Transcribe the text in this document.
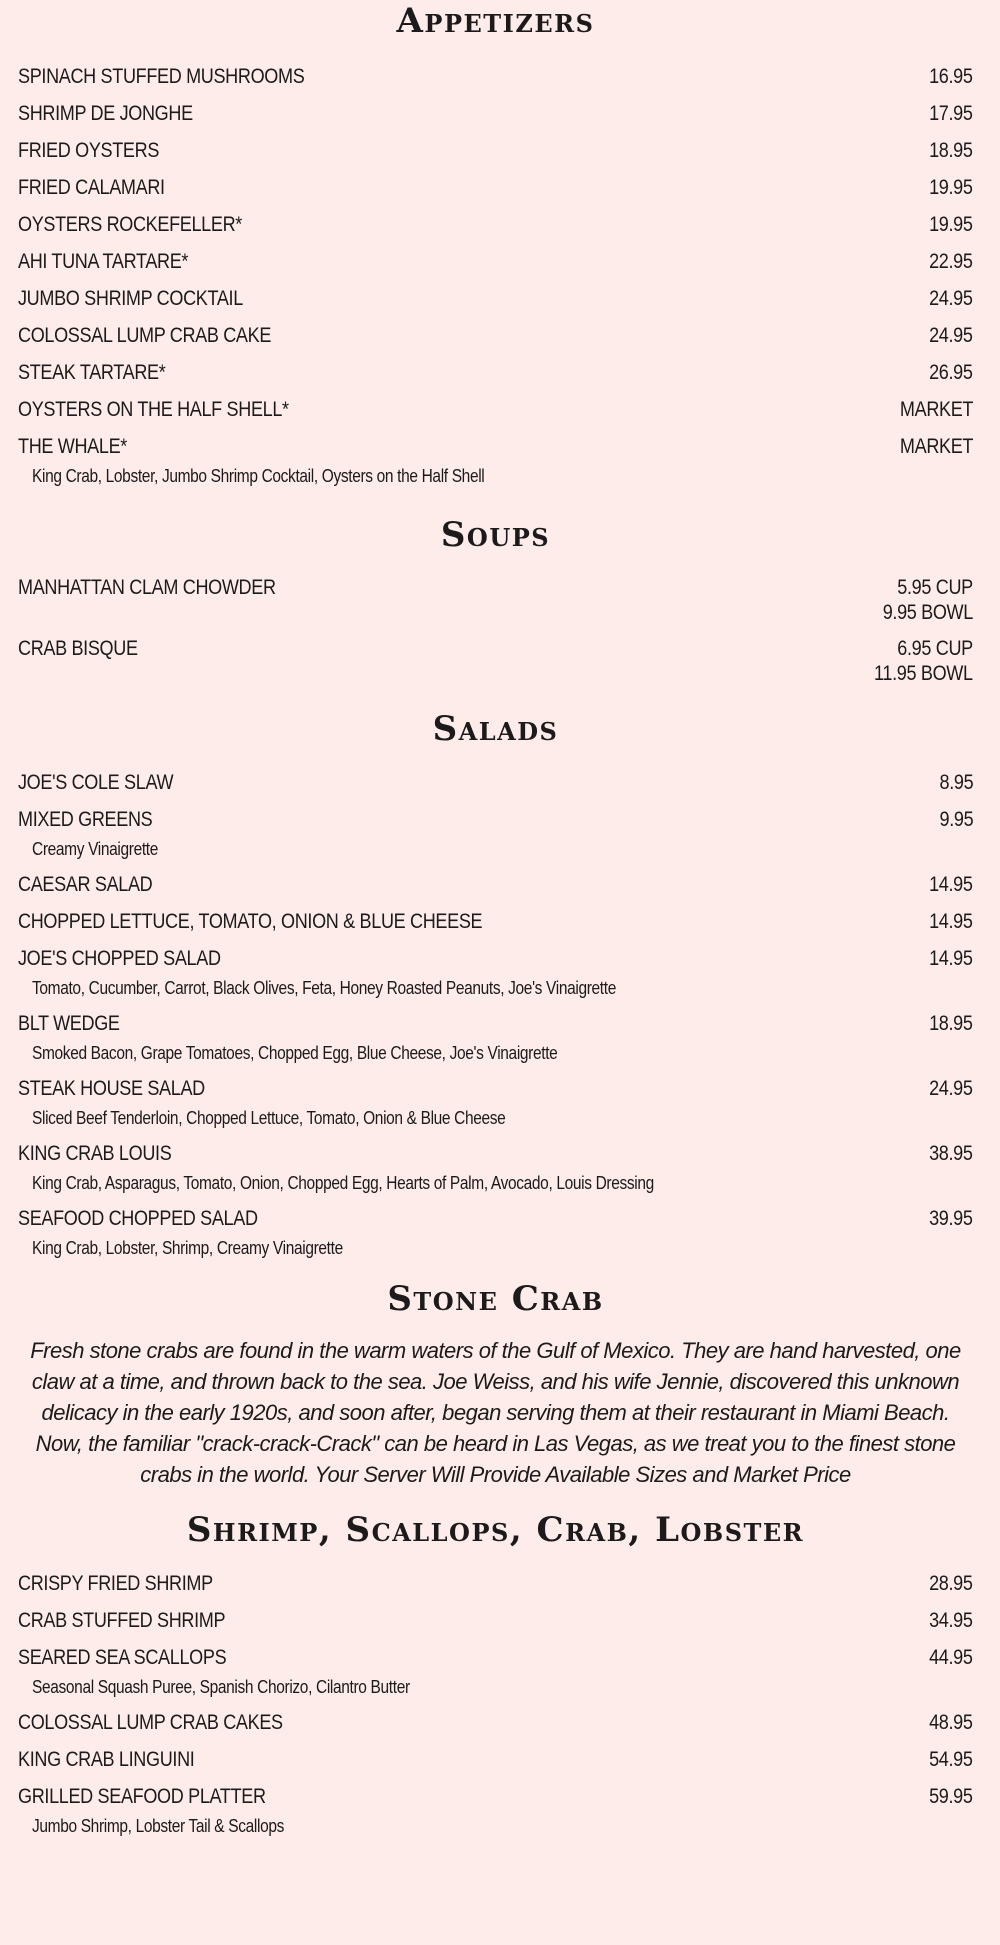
Appetizers
SPINACH STUFFED MUSHROOMS	16.95
SHRIMP DE JONGHE	17.95
FRIED OYSTERS	18.95
FRIED CALAMARI	19.95
OYSTERS ROCKEFELLER*	19.95
AHI TUNA TARTARE*	22.95
JUMBO SHRIMP COCKTAIL	24.95
COLOSSAL LUMP CRAB CAKE	24.95
STEAK TARTARE*	26.95
OYSTERS ON THE HALF SHELL*	MARKET
THE WHALE*	MARKET
King Crab, Lobster, Jumbo Shrimp Cocktail, Oysters on the Half Shell
Soups
MANHATTAN CLAM CHOWDER	5.95 CUP
9.95 BOWL
CRAB BISQUE	6.95 CUP
11.95 BOWL
Salads
JOE'S COLE SLAW	8.95
MIXED GREENS	9.95
Creamy Vinaigrette
CAESAR SALAD	14.95
CHOPPED LETTUCE, TOMATO, ONION & BLUE CHEESE	14.95
JOE'S CHOPPED SALAD	14.95
Tomato, Cucumber, Carrot, Black Olives, Feta, Honey Roasted Peanuts, Joe's Vinaigrette
BLT WEDGE	18.95
Smoked Bacon, Grape Tomatoes, Chopped Egg, Blue Cheese, Joe's Vinaigrette
STEAK HOUSE SALAD	24.95
Sliced Beef Tenderloin, Chopped Lettuce, Tomato, Onion & Blue Cheese
KING CRAB LOUIS	38.95
King Crab, Asparagus, Tomato, Onion, Chopped Egg, Hearts of Palm, Avocado, Louis Dressing
SEAFOOD CHOPPED SALAD	39.95
King Crab, Lobster, Shrimp, Creamy Vinaigrette
Stone Crab

Fresh stone crabs are found in the warm waters of the Gulf of Mexico. They are hand harvested, one claw at a time, and thrown back to the sea. Joe Weiss, and his wife Jennie, discovered this unknown delicacy in the early 1920s, and soon after, began serving them at their restaurant in Miami Beach. Now, the familiar "crack-crack-Crack" can be heard in Las Vegas, as we treat you to the finest stone crabs in the world. Your Server Will Provide Available Sizes and Market Price

Shrimp, Scallops, Crab, Lobster
CRISPY FRIED SHRIMP	28.95
CRAB STUFFED SHRIMP	34.95
SEARED SEA SCALLOPS	44.95
Seasonal Squash Puree, Spanish Chorizo, Cilantro Butter
COLOSSAL LUMP CRAB CAKES	48.95
KING CRAB LINGUINI	54.95
GRILLED SEAFOOD PLATTER	59.95
Jumbo Shrimp, Lobster Tail & Scallops
